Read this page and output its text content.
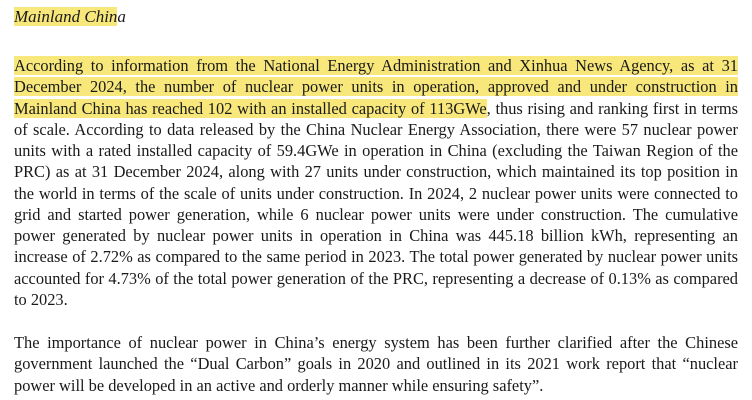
Mainland China

According to information from the National Energy Administration and Xinhua News Agency, as at 31 December 2024, the number of nuclear power units in operation, approved and under construction in Mainland China has reached 102 with an installed capacity of 113GWe, thus rising and ranking first in terms of scale. According to data released by the China Nuclear Energy Association, there were 57 nuclear power units with a rated installed capacity of 59.4GWe in operation in China (excluding the Taiwan Region of the PRC) as at 31 December 2024, along with 27 units under construction, which maintained its top position in the world in terms of the scale of units under construction. In 2024, 2 nuclear power units were connected to grid and started power generation, while 6 nuclear power units were under construction. The cumulative power generated by nuclear power units in operation in China was 445.18 billion kWh, representing an increase of 2.72% as compared to the same period in 2023. The total power generated by nuclear power units accounted for 4.73% of the total power generation of the PRC, representing a decrease of 0.13% as compared to 2023.

The importance of nuclear power in China’s energy system has been further clarified after the Chinese government launched the “Dual Carbon” goals in 2020 and outlined in its 2021 work report that “nuclear power will be developed in an active and orderly manner while ensuring safety”.
